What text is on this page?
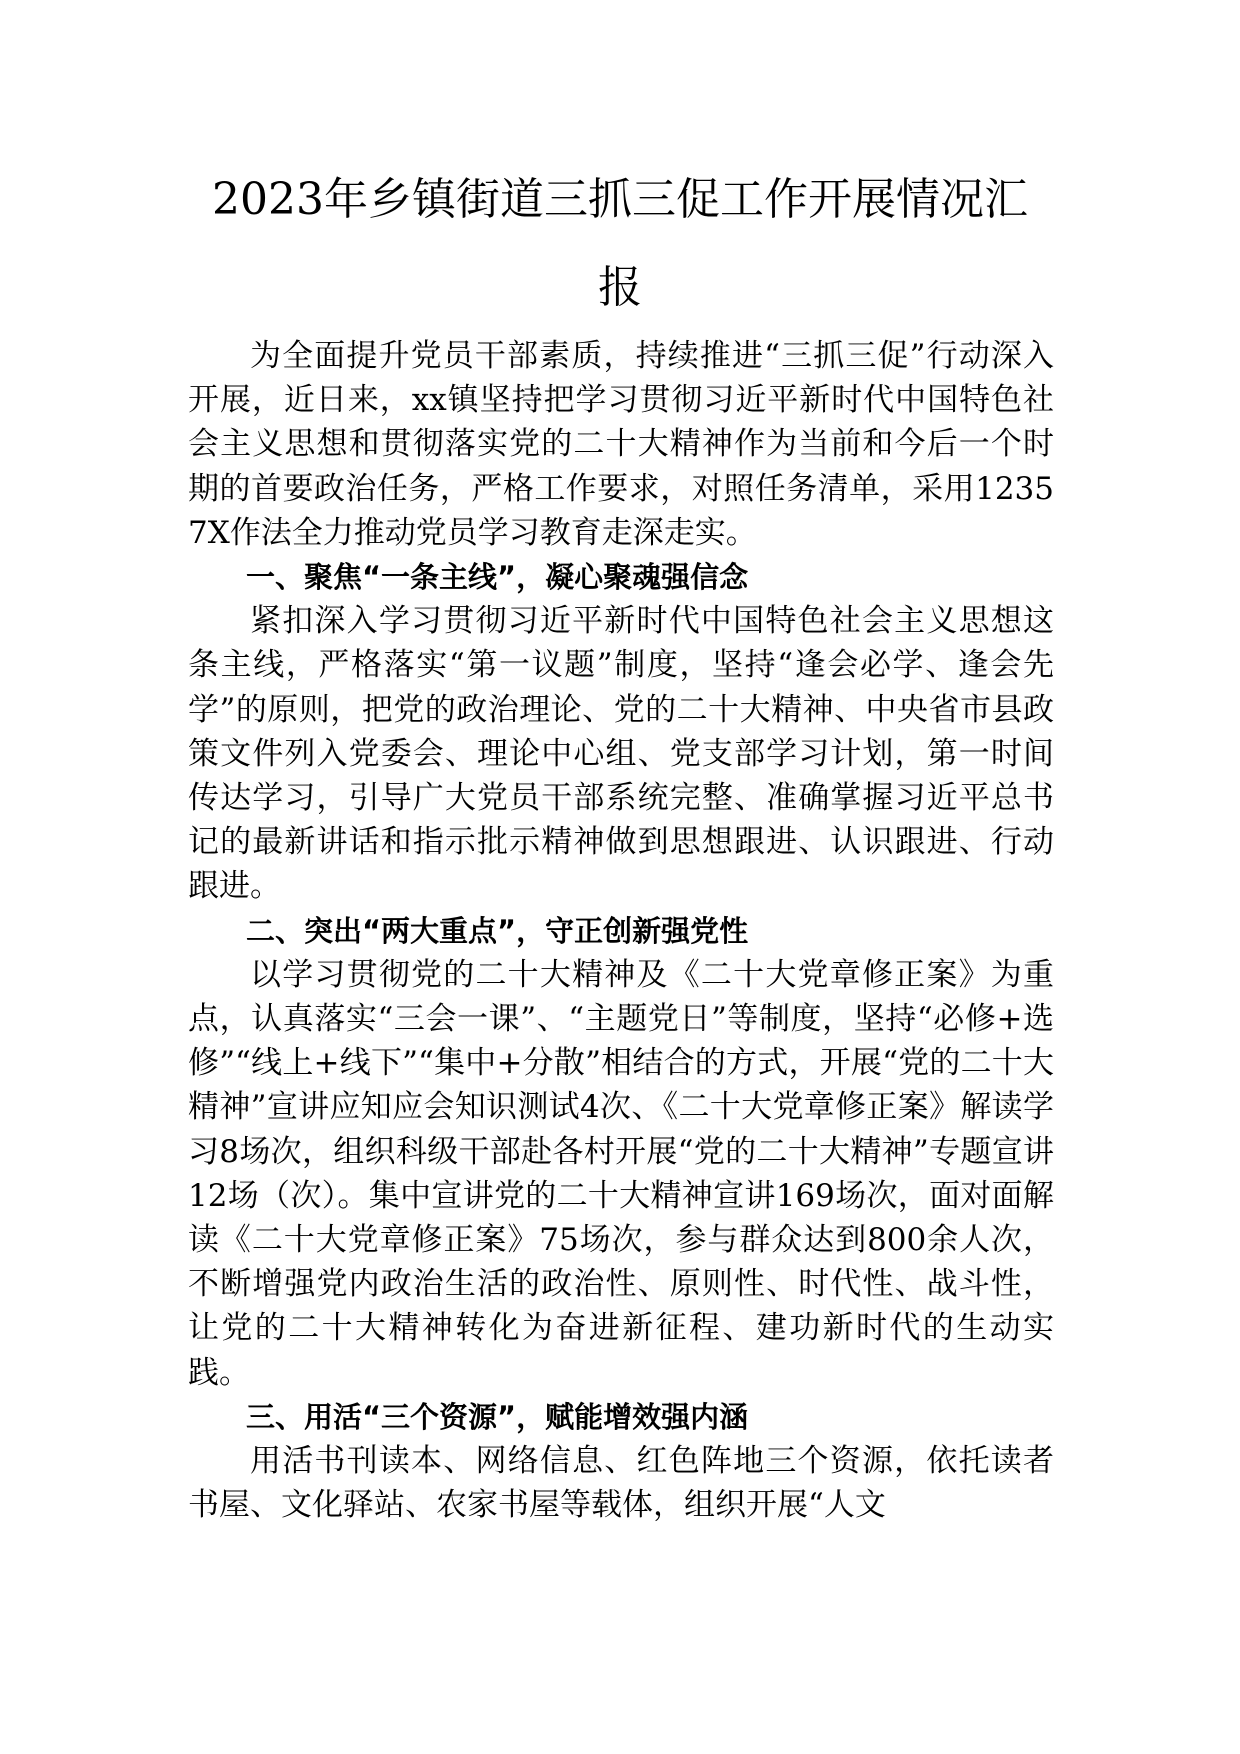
2023年乡镇街道三抓三促工作开展情况汇
报

为全面提升党员干部素质，持续推进“三抓三促”行动深入开展，近日来，xx镇坚持把学习贯彻习近平新时代中国特色社会主义思想和贯彻落实党的二十大精神作为当前和今后一个时期的首要政治任务，严格工作要求，对照任务清单，采用12357X作法全力推动党员学习教育走深走实。

一、聚焦“一条主线”，凝心聚魂强信念

紧扣深入学习贯彻习近平新时代中国特色社会主义思想这条主线，严格落实“第一议题”制度，坚持“逢会必学、逢会先学”的原则，把党的政治理论、党的二十大精神、中央省市县政策文件列入党委会、理论中心组、党支部学习计划，第一时间传达学习，引导广大党员干部系统完整、准确掌握习近平总书记的最新讲话和指示批示精神做到思想跟进、认识跟进、行动跟进。

二、突出“两大重点”，守正创新强党性

以学习贯彻党的二十大精神及《二十大党章修正案》为重点，认真落实“三会一课”、“主题党日”等制度，坚持“必修+选修”“线上+线下”“集中+分散”相结合的方式，开展“党的二十大精神”宣讲应知应会知识测试4次、《二十大党章修正案》解读学习8场次，组织科级干部赴各村开展“党的二十大精神”专题宣讲12场（次）。集中宣讲党的二十大精神宣讲169场次，面对面解读《二十大党章修正案》75场次，参与群众达到800余人次，不断增强党内政治生活的政治性、原则性、时代性、战斗性，让党的二十大精神转化为奋进新征程、建功新时代的生动实践。

三、用活“三个资源”，赋能增效强内涵

用活书刊读本、网络信息、红色阵地三个资源，依托读者书屋、文化驿站、农家书屋等载体，组织开展“人文
